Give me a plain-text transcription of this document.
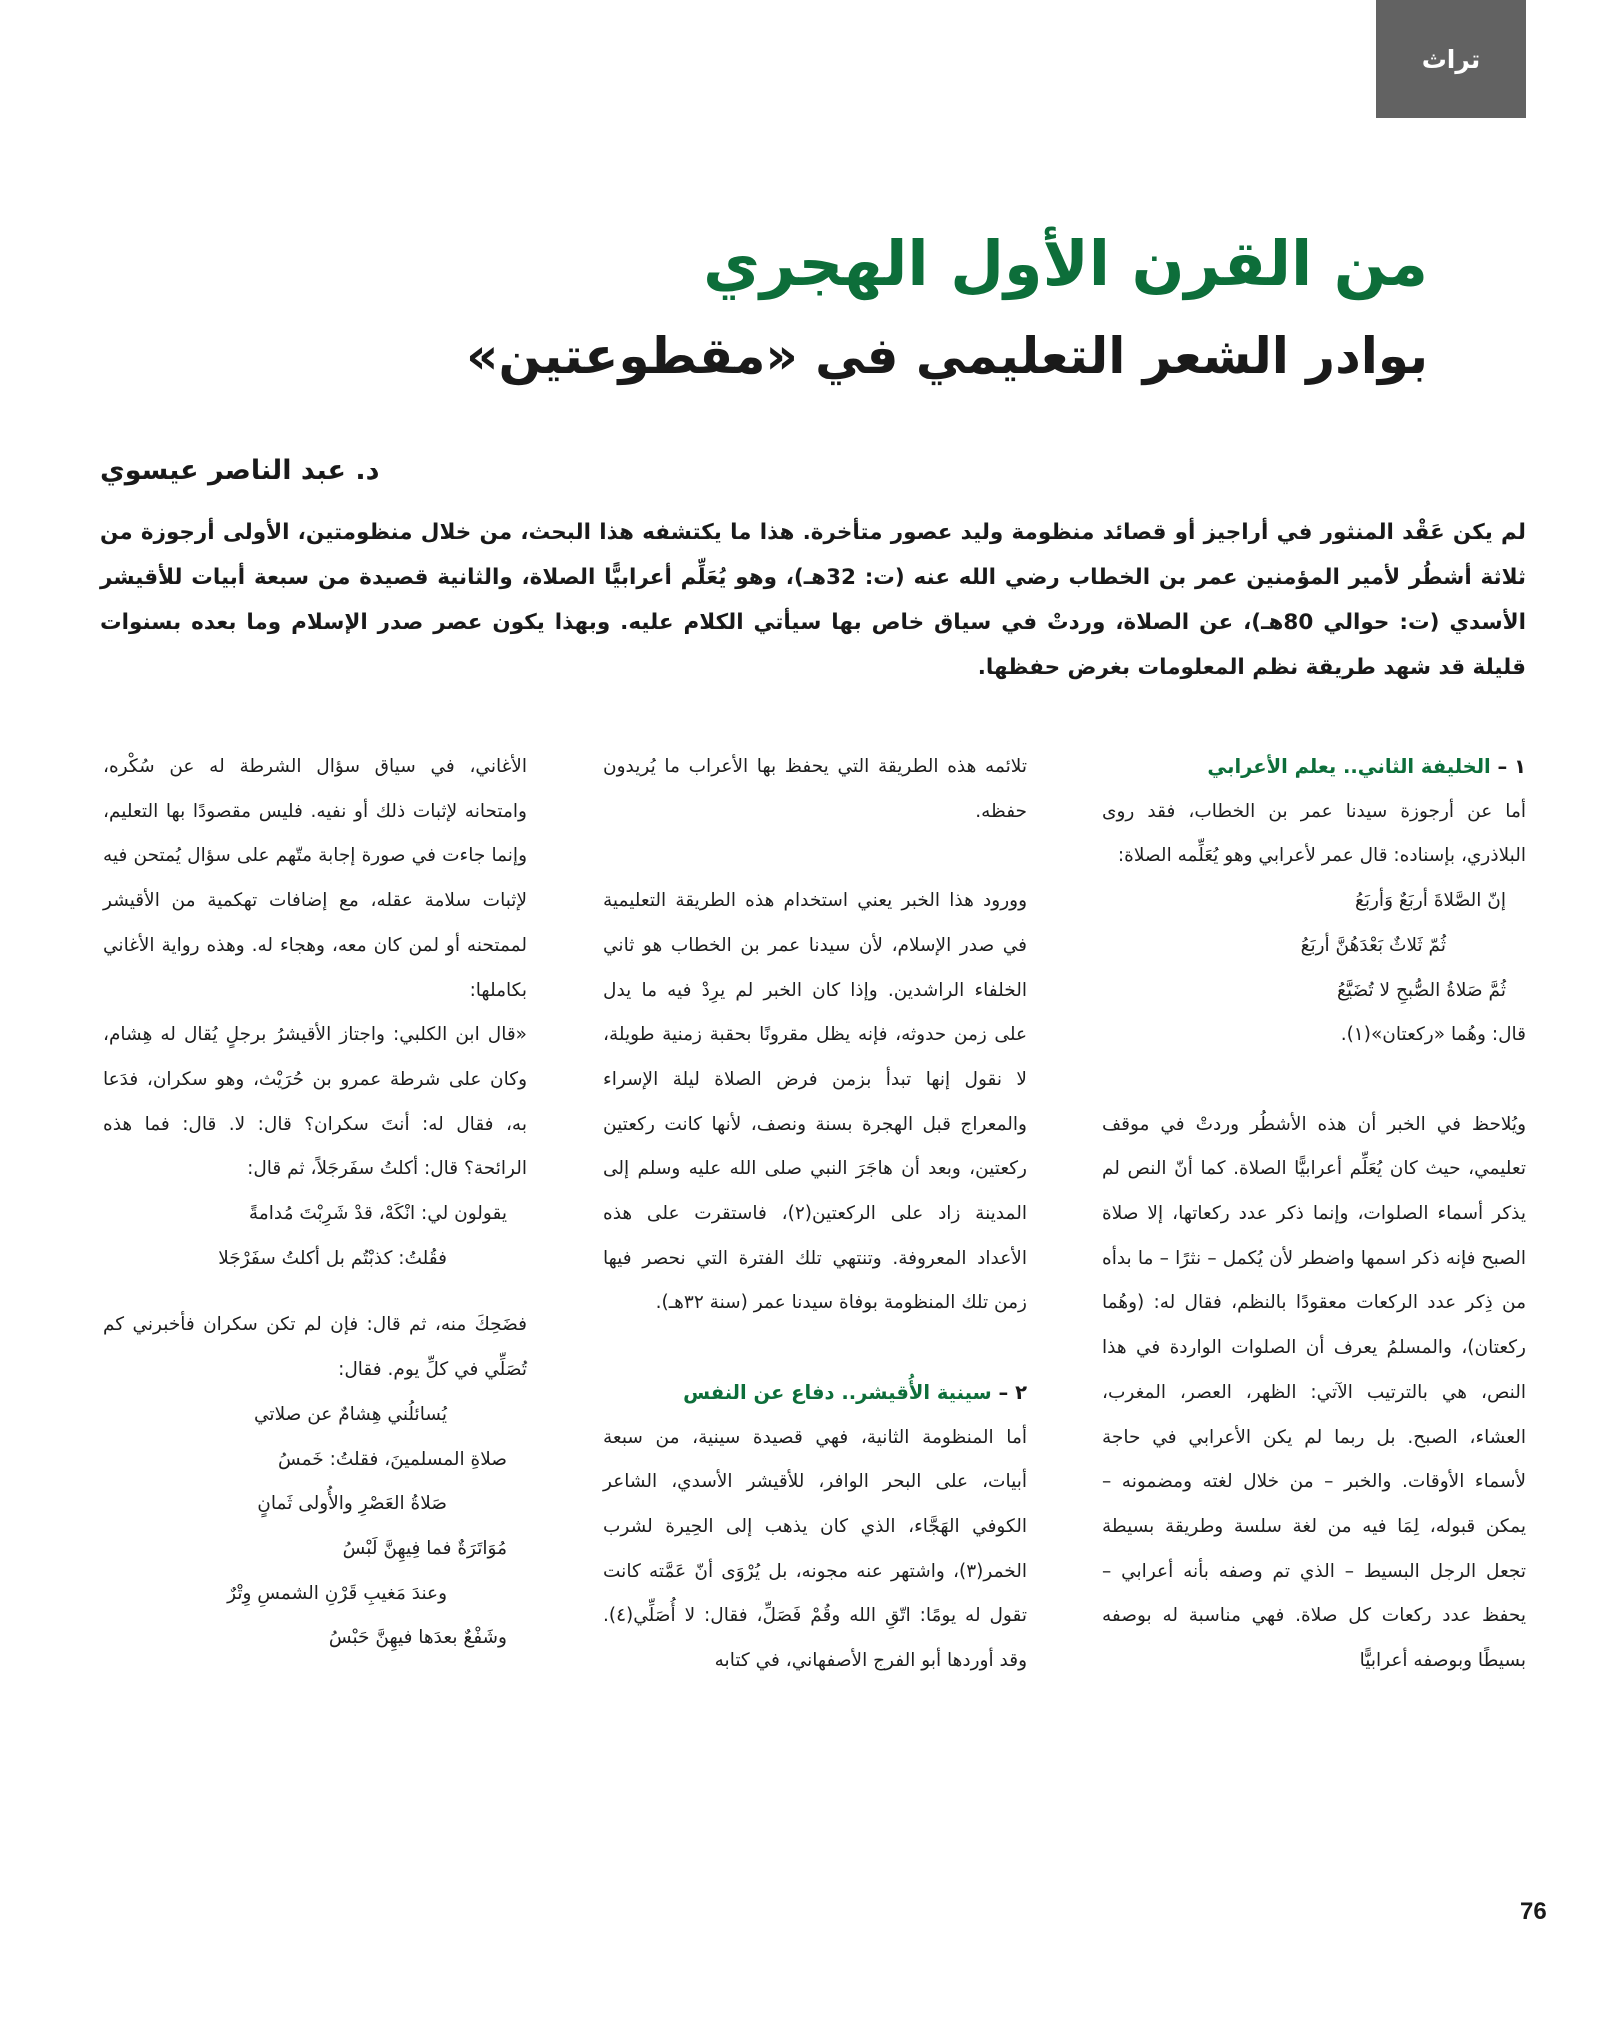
تراث
من القرن الأول الهجري
بوادر الشعر التعليمي في «مقطوعتين»
د. عبد الناصر عيسوي

لم يكن عَقْد المنثور في أراجيز أو قصائد منظومة وليد عصور متأخرة. هذا ما يكتشفه هذا البحث، من خلال منظومتين، الأولى أرجوزة من ثلاثة أشطُر لأمير المؤمنين عمر بن الخطاب رضي الله عنه (ت: 32هـ)، وهو يُعَلِّم أعرابيًّا الصلاة، والثانية قصيدة من سبعة أبيات للأقيشر الأسدي (ت: حوالي 80هـ)، عن الصلاة، وردتْ في سياق خاص بها سيأتي الكلام عليه. وبهذا يكون عصر صدر الإسلام وما بعده بسنوات قليلة قد شهد طريقة نظم المعلومات بغرض حفظها.

١ – الخليفة الثاني.. يعلم الأعرابي

أما عن أرجوزة سيدنا عمر بن الخطاب، فقد روى البلاذري، بإسناده: قال عمر لأعرابي وهو يُعَلِّمه الصلاة:

إنّ الصَّلاةَ أربَعٌ وَأربَعُ

ثُمّ ثَلاثٌ بَعْدَهُنَّ أربَعُ

ثُمَّ صَلاةُ الصُّبحِ لا تُضَيَّعُ

قال: وهُما «ركعتان»(١).

ويُلاحظ في الخبر أن هذه الأشطُر وردتْ في موقف تعليمي، حيث كان يُعَلِّم أعرابيًّا الصلاة. كما أنّ النص لم يذكر أسماء الصلوات، وإنما ذكر عدد ركعاتها، إلا صلاة الصبح فإنه ذكر اسمها واضطر لأن يُكمل – نثرًا – ما بدأه من ذِكر عدد الركعات معقودًا بالنظم، فقال له: (وهُما ركعتان)، والمسلمُ يعرف أن الصلوات الواردة في هذا النص، هي بالترتيب الآتي: الظهر، العصر، المغرب، العشاء، الصبح. بل ربما لم يكن الأعرابي في حاجة لأسماء الأوقات. والخبر – من خلال لغته ومضمونه – يمكن قبوله، لِمَا فيه من لغة سلسة وطريقة بسيطة تجعل الرجل البسيط – الذي تم وصفه بأنه أعرابي – يحفظ عدد ركعات كل صلاة. فهي مناسبة له بوصفه بسيطًا وبوصفه أعرابيًّا

تلائمه هذه الطريقة التي يحفظ بها الأعراب ما يُريدون حفظه.

وورود هذا الخبر يعني استخدام هذه الطريقة التعليمية في صدر الإسلام، لأن سيدنا عمر بن الخطاب هو ثاني الخلفاء الراشدين. وإذا كان الخبر لم يرِدْ فيه ما يدل على زمن حدوثه، فإنه يظل مقرونًا بحقبة زمنية طويلة، لا نقول إنها تبدأ بزمن فرض الصلاة ليلة الإسراء والمعراج قبل الهجرة بسنة ونصف، لأنها كانت ركعتين ركعتين، وبعد أن هاجَرَ النبي صلى الله عليه وسلم إلى المدينة زاد على الركعتين(٢)، فاستقرت على هذه الأعداد المعروفة. وتنتهي تلك الفترة التي نحصر فيها زمن تلك المنظومة بوفاة سيدنا عمر (سنة ٣٢هـ).

٢ – سينية الأُقيشر.. دفاع عن النفس

أما المنظومة الثانية، فهي قصيدة سينية، من سبعة أبيات، على البحر الوافر، للأقيشر الأسدي، الشاعر الكوفي الهَجَّاء، الذي كان يذهب إلى الحِيرة لشرب الخمر(٣)، واشتهر عنه مجونه، بل يُرْوَى أنّ عَمَّته كانت تقول له يومًا: اتّقِ الله وقُمْ فَصَلِّ، فقال: لا أُصَلِّي(٤). وقد أوردها أبو الفرج الأصفهاني، في كتابه

الأغاني، في سياق سؤال الشرطة له عن سُكْره، وامتحانه لإثبات ذلك أو نفيه. فليس مقصودًا بها التعليم، وإنما جاءت في صورة إجابة متّهم على سؤال يُمتحن فيه لإثبات سلامة عقله، مع إضافات تهكمية من الأقيشر لممتحنه أو لمن كان معه، وهجاء له. وهذه رواية الأغاني بكاملها:

«قال ابن الكلبي: واجتاز الأقيشرُ برجلٍ يُقال له هِشام، وكان على شرطة عمرو بن حُرَيْث، وهو سكران، فدَعا به، فقال له: أنتَ سكران؟ قال: لا. قال: فما هذه الرائحة؟ قال: أكلتُ سفَرجَلاً، ثم قال:

يقولون لي: انْكَهْ، قدْ شَرِبْتَ مُدامةً

فقُلتُ: كذبْتُم بل أكلتُ سفَرْجَلا

فضَحِكَ منه، ثم قال: فإن لم تكن سكران فأخبرني كم تُصَلِّي في كلِّ يوم. فقال:

يُسائلُني هِشامٌ عن صلاتي

صلاةِ المسلمينَ، فقلتُ: خَمسُ

صَلاةُ العَصْرِ والأُولى ثَمانٍ

مُوَاتَرَةٌ فما فِيهِنَّ لَبْسُ

وعندَ مَغيبِ قَرْنِ الشمسِ وِتْرٌ

وشَفْعٌ بعدَها فيهِنَّ حَبْسُ

76
